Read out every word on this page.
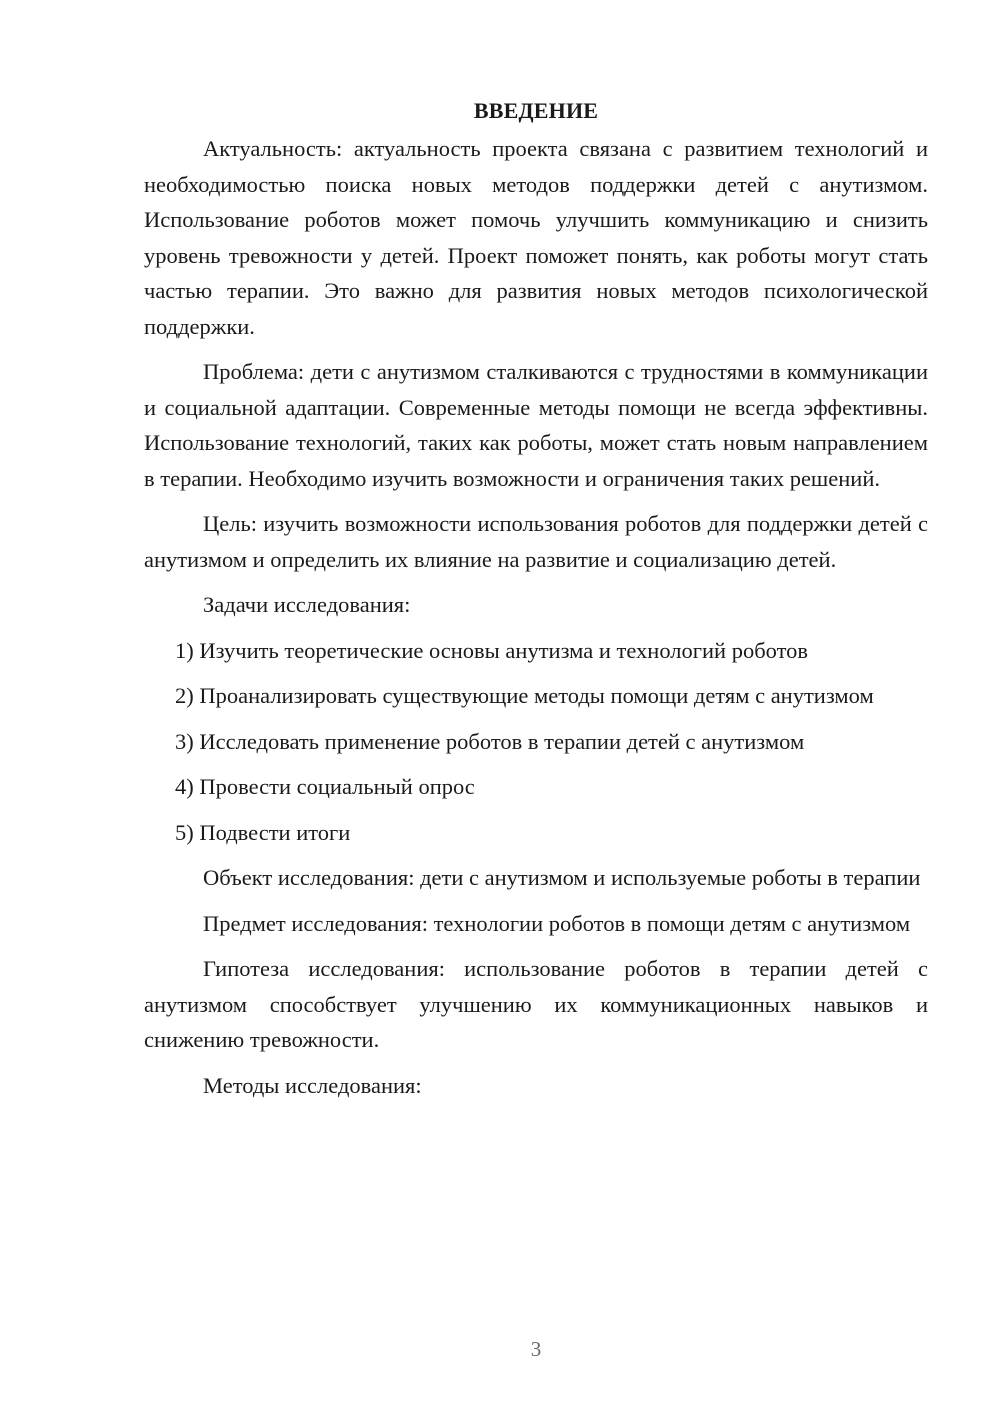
ВВЕДЕНИЕ

Актуальность: актуальность проекта связана с развитием технологий и необходимостью поиска новых методов поддержки детей с анутизмом. Использование роботов может помочь улучшить коммуникацию и снизить уровень тревожности у детей. Проект поможет понять, как роботы могут стать частью терапии. Это важно для развития новых методов психологической поддержки.

Проблема: дети с анутизмом сталкиваются с трудностями в коммуникации и социальной адаптации. Современные методы помощи не всегда эффективны. Использование технологий, таких как роботы, может стать новым направлением в терапии. Необходимо изучить возможности и ограничения таких решений.

Цель: изучить возможности использования роботов для поддержки детей с анутизмом и определить их влияние на развитие и социализацию детей.

Задачи исследования:

1) Изучить теоретические основы анутизма и технологий роботов

2) Проанализировать существующие методы помощи детям с анутизмом

3) Исследовать применение роботов в терапии детей с анутизмом

4) Провести социальный опрос

5) Подвести итоги

Объект исследования: дети с анутизмом и используемые роботы в терапии

Предмет исследования: технологии роботов в помощи детям с анутизмом

Гипотеза исследования: использование роботов в терапии детей с анутизмом способствует улучшению их коммуникационных навыков и снижению тревожности.

Методы исследования:

3
